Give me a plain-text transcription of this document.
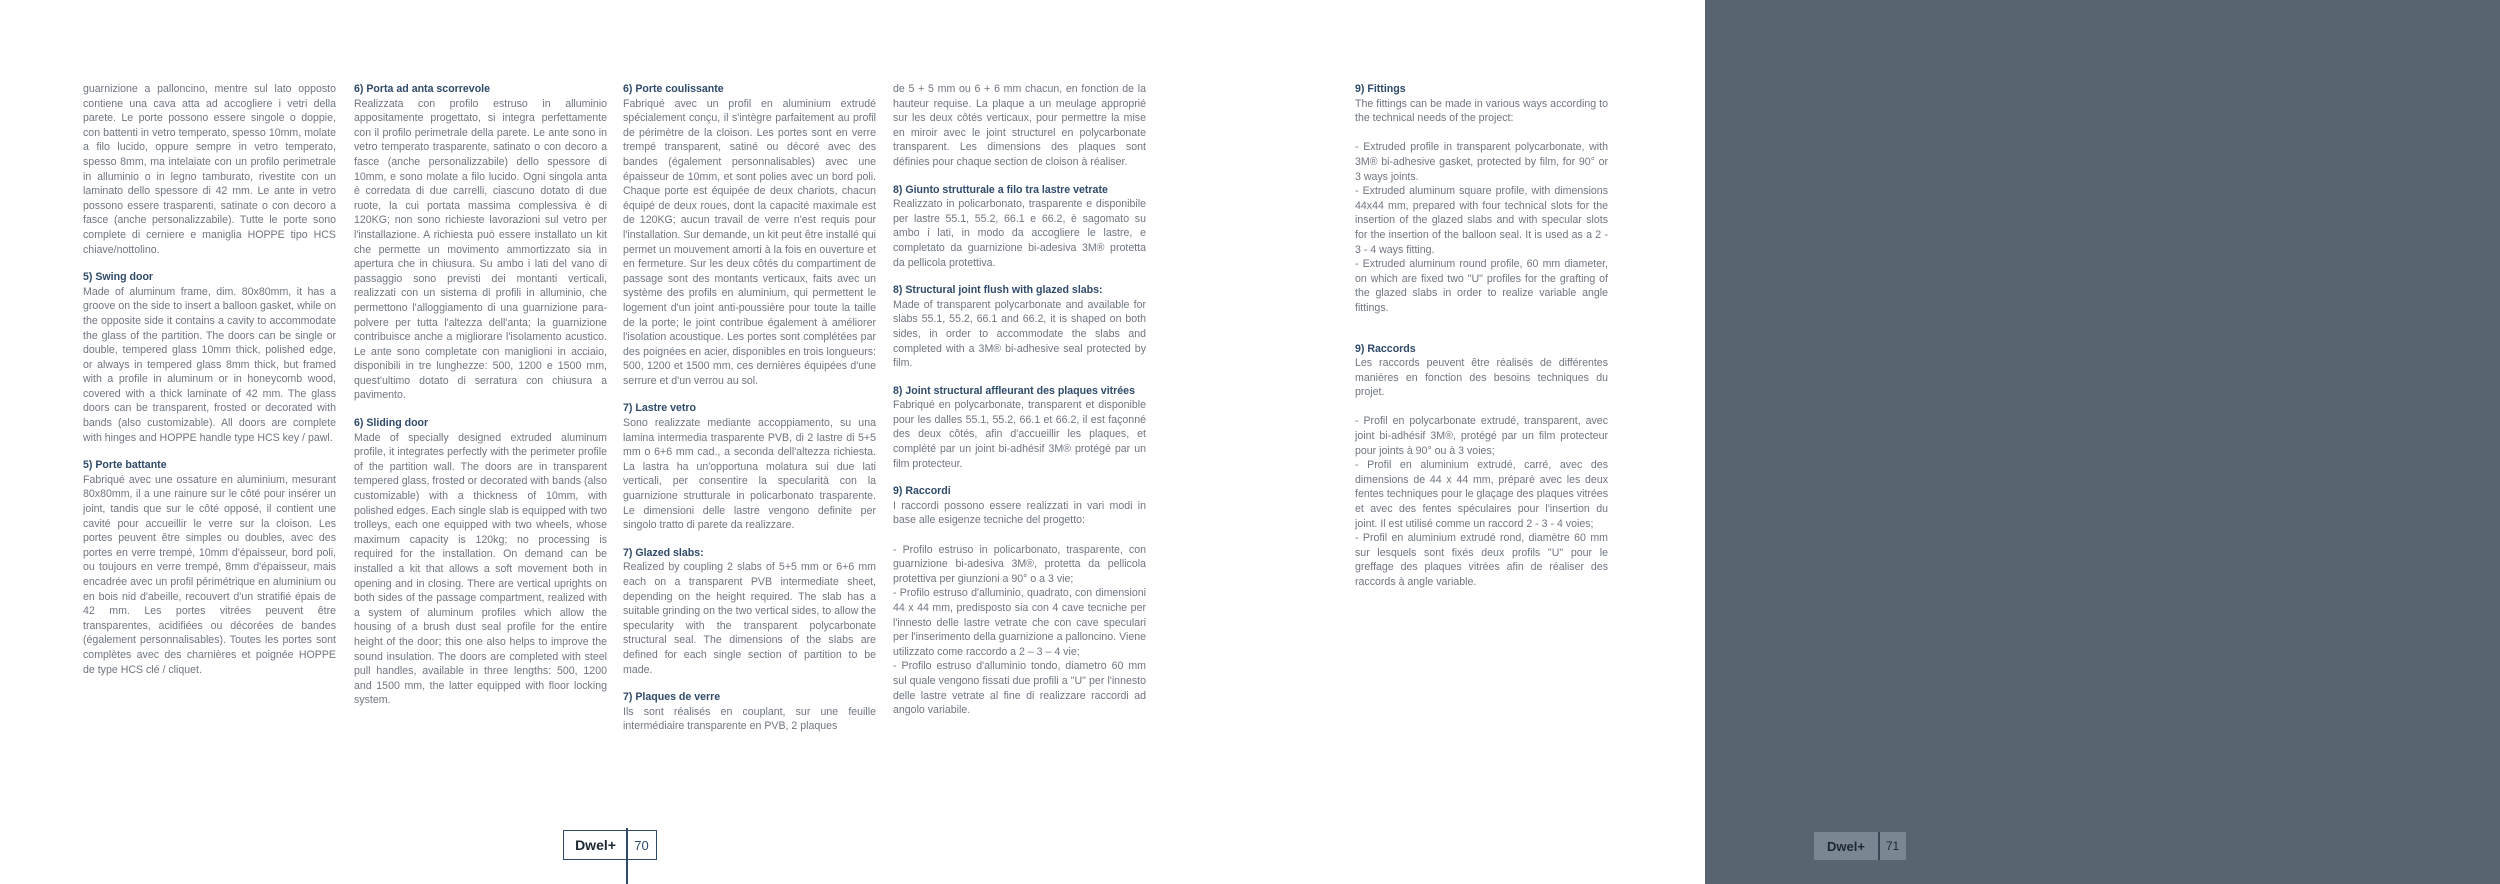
guarnizione a palloncino, mentre sul lato opposto contiene una cava atta ad accogliere i vetri della parete. Le porte possono essere singole o doppie, con battenti in vetro temperato, spesso 10mm, molate a filo lucido, oppure sempre in vetro temperato, spesso 8mm, ma intelaiate con un profilo perimetrale in alluminio o in legno tamburato, rivestite con un laminato dello spessore di 42 mm. Le ante in vetro possono essere trasparenti, satinate o con decoro a fasce (anche personalizzabile). Tutte le porte sono complete di cerniere e maniglia HOPPE tipo HCS chiave/nottolino.

5) Swing door

Made of aluminum frame, dim. 80x80mm, it has a groove on the side to insert a balloon gasket, while on the opposite side it contains a cavity to accommodate the glass of the partition. The doors can be single or double, tempered glass 10mm thick, polished edge, or always in tempered glass 8mm thick, but framed with a profile in aluminum or in honeycomb wood, covered with a thick laminate of 42 mm. The glass doors can be transparent, frosted or decorated with bands (also customizable). All doors are complete with hinges and HOPPE handle type HCS key / pawl.

5) Porte battante

Fabriqué avec une ossature en aluminium, mesurant 80x80mm, il a une rainure sur le côté pour insérer un joint, tandis que sur le côté opposé, il contient une cavité pour accueillir le verre sur la cloison. Les portes peuvent être simples ou doubles, avec des portes en verre trempé, 10mm d'épaisseur, bord poli, ou toujours en verre trempé, 8mm d'épaisseur, mais encadrée avec un profil périmétrique en aluminium ou en bois nid d'abeille, recouvert d'un stratifié épais de 42 mm. Les portes vitrées peuvent être transparentes, acidifiées ou décorées de bandes (également personnalisables). Toutes les portes sont complètes avec des charnières et poignée HOPPE de type HCS clé / cliquet.

6) Porta ad anta scorrevole

Realizzata con profilo estruso in alluminio appositamente progettato, si integra perfettamente con il profilo perimetrale della parete. Le ante sono in vetro temperato trasparente, satinato o con decoro a fasce (anche personalizzabile) dello spessore di 10mm, e sono molate a filo lucido. Ogni singola anta è corredata di due carrelli, ciascuno dotato di due ruote, la cui portata massima complessiva è di 120KG; non sono richieste lavorazioni sul vetro per l'installazione. A richiesta può essere installato un kit che permette un movimento ammortizzato sia in apertura che in chiusura. Su ambo i lati del vano di passaggio sono previsti dei montanti verticali, realizzati con un sistema di profili in alluminio, che permettono l'alloggiamento di una guarnizione para-polvere per tutta l'altezza dell'anta; la guarnizione contribuisce anche a migliorare l'isolamento acustico. Le ante sono completate con maniglioni in acciaio, disponibili in tre lunghezze: 500, 1200 e 1500 mm, quest'ultimo dotato di serratura con chiusura a pavimento.

6) Sliding door

Made of specially designed extruded aluminum profile, it integrates perfectly with the perimeter profile of the partition wall. The doors are in transparent tempered glass, frosted or decorated with bands (also customizable) with a thickness of 10mm, with polished edges. Each single slab is equipped with two trolleys, each one equipped with two wheels, whose maximum capacity is 120kg; no processing is required for the installation. On demand can be installed a kit that allows a soft movement both in opening and in closing. There are vertical uprights on both sides of the passage compartment, realized with a system of aluminum profiles which allow the housing of a brush dust seal profile for the entire height of the door; this one also helps to improve the sound insulation. The doors are completed with steel pull handles, available in three lengths: 500, 1200 and 1500 mm, the latter equipped with floor locking system.

6) Porte coulissante

Fabriqué avec un profil en aluminium extrudé spécialement conçu, il s'intègre parfaitement au profil de périmètre de la cloison. Les portes sont en verre trempé transparent, satiné ou décoré avec des bandes (également personnalisables) avec une épaisseur de 10mm, et sont polies avec un bord poli. Chaque porte est équipée de deux chariots, chacun équipé de deux roues, dont la capacité maximale est de 120KG; aucun travail de verre n'est requis pour l'installation. Sur demande, un kit peut être installé qui permet un mouvement amorti à la fois en ouverture et en fermeture. Sur les deux côtés du compartiment de passage sont des montants verticaux, faits avec un système des profils en aluminium, qui permettent le logement d'un joint anti-poussière pour toute la taille de la porte; le joint contribue également à améliorer l'isolation acoustique. Les portes sont complétées par des poignées en acier, disponibles en trois longueurs: 500, 1200 et 1500 mm, ces dernières équipées d'une serrure et d'un verrou au sol.

7) Lastre vetro

Sono realizzate mediante accoppiamento, su una lamina intermedia trasparente PVB, di 2 lastre di 5+5 mm o 6+6 mm cad., a seconda dell'altezza richiesta. La lastra ha un'opportuna molatura sui due lati verticali, per consentire la specularità con la guarnizione strutturale in policarbonato trasparente. Le dimensioni delle lastre vengono definite per singolo tratto di parete da realizzare.

7) Glazed slabs:

Realized by coupling 2 slabs of 5+5 mm or 6+6 mm each on a transparent PVB intermediate sheet, depending on the height required. The slab has a suitable grinding on the two vertical sides, to allow the specularity with the transparent polycarbonate structural seal. The dimensions of the slabs are defined for each single section of partition to be made.

7) Plaques de verre

Ils sont réalisés en couplant, sur une feuille intermédiaire transparente en PVB, 2 plaques

de 5 + 5 mm ou 6 + 6 mm chacun, en fonction de la hauteur requise. La plaque a un meulage approprié sur les deux côtés verticaux, pour permettre la mise en miroir avec le joint structurel en polycarbonate transparent. Les dimensions des plaques sont définies pour chaque section de cloison à réaliser.

8) Giunto strutturale a filo tra lastre vetrate

Realizzato in policarbonato, trasparente e disponibile per lastre 55.1, 55.2, 66.1 e 66.2, è sagomato su ambo i lati, in modo da accogliere le lastre, e completato da guarnizione bi-adesiva 3M® protetta da pellicola protettiva.

8) Structural joint flush with glazed slabs:

Made of transparent polycarbonate and available for slabs 55.1, 55.2, 66.1 and 66.2, it is shaped on both sides, in order to accommodate the slabs and completed with a 3M® bi-adhesive seal protected by film.

8) Joint structural affleurant des plaques vitrées

Fabriqué en polycarbonate, transparent et disponible pour les dalles 55.1, 55.2, 66.1 et 66.2, il est façonné des deux côtés, afin d'accueillir les plaques, et complété par un joint bi-adhésif 3M® protégé par un film protecteur.

9) Raccordi

I raccordi possono essere realizzati in vari modi in base alle esigenze tecniche del progetto:

- Profilo estruso in policarbonato, trasparente, con guarnizione bi-adesiva 3M®, protetta da pellicola protettiva per giunzioni a 90° o a 3 vie;

- Profilo estruso d'alluminio, quadrato, con dimensioni 44 x 44 mm, predisposto sia con 4 cave tecniche per l'innesto delle lastre vetrate che con cave speculari per l'inserimento della guarnizione a palloncino. Viene utilizzato come raccordo a 2 – 3 – 4 vie;

- Profilo estruso d'alluminio tondo, diametro 60 mm sul quale vengono fissati due profili a "U" per l'innesto delle lastre vetrate al fine di realizzare raccordi ad angolo variabile.

9) Fittings

The fittings can be made in various ways according to the technical needs of the project:

- Extruded profile in transparent polycarbonate, with 3M® bi-adhesive gasket, protected by film, for 90° or 3 ways joints.

- Extruded aluminum square profile, with dimensions 44x44 mm, prepared with four technical slots for the insertion of the glazed slabs and with specular slots for the insertion of the balloon seal. It is used as a 2 - 3 - 4 ways fitting.

- Extruded aluminum round profile, 60 mm diameter, on which are fixed two "U" profiles for the grafting of the glazed slabs in order to realize variable angle fittings.

9) Raccords

Les raccords peuvent être réalisés de différentes manières en fonction des besoins techniques du projet.

- Profil en polycarbonate extrudé, transparent, avec joint bi-adhésif 3M®, protégé par un film protecteur pour joints à 90° ou à 3 voies;

- Profil en aluminium extrudé, carré, avec des dimensions de 44 x 44 mm, préparé avec les deux fentes techniques pour le glaçage des plaques vitrées et avec des fentes spéculaires pour l'insertion du joint. Il est utilisé comme un raccord 2 - 3 - 4 voies;

- Profil en aluminium extrudé rond, diamètre 60 mm sur lesquels sont fixés deux profils "U" pour le greffage des plaques vitrées afin de réaliser des raccords à angle variable.

Dwel+	70	Dwel+	71
